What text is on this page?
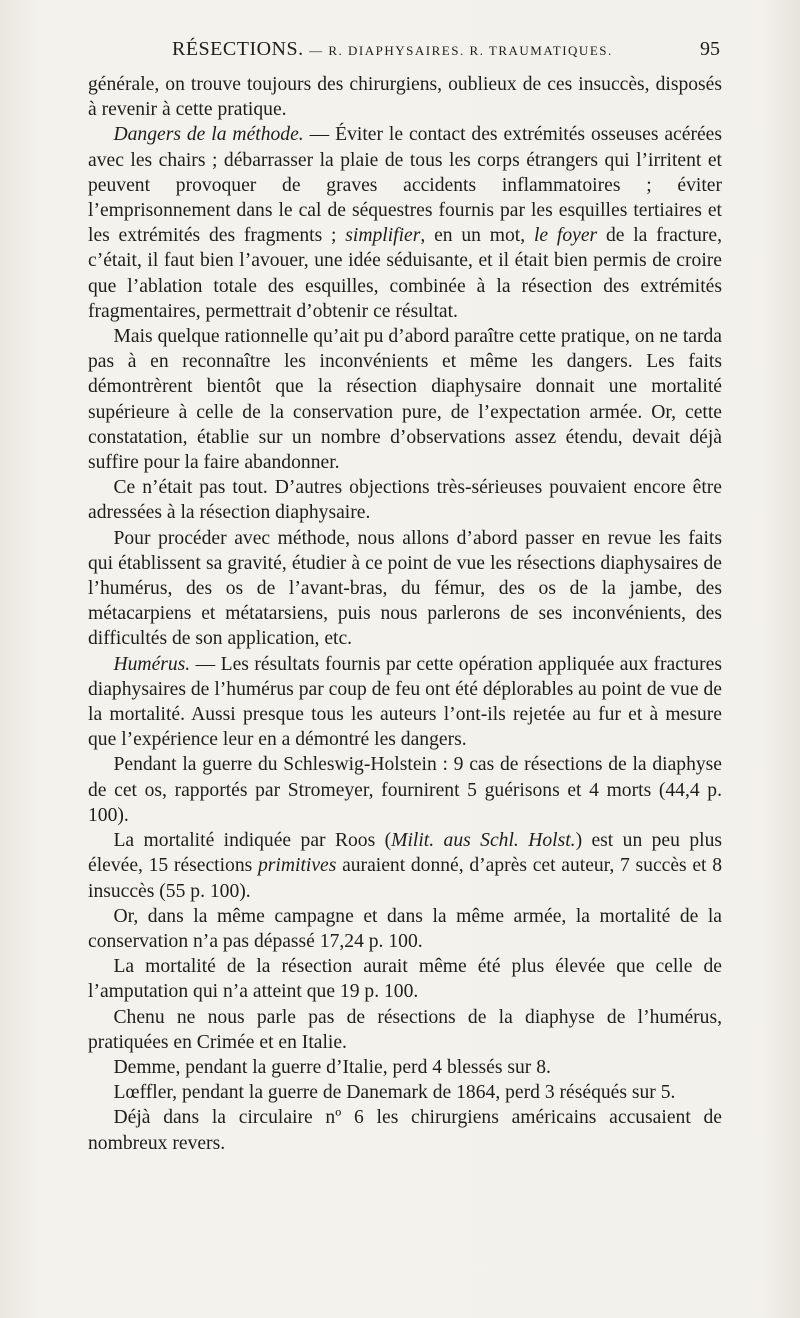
RÉSECTIONS. — R. DIAPHYSAIRES. R. TRAUMATIQUES.	95

générale, on trouve toujours des chirurgiens, oublieux de ces insuccès, disposés à revenir à cette pratique.

Dangers de la méthode. — Éviter le contact des extrémités osseuses acérées avec les chairs ; débarrasser la plaie de tous les corps étrangers qui l’irritent et peuvent provoquer de graves accidents inflammatoires ; éviter l’emprisonnement dans le cal de séquestres fournis par les esquilles tertiaires et les extrémités des fragments ; simplifier, en un mot, le foyer de la fracture, c’était, il faut bien l’avouer, une idée séduisante, et il était bien permis de croire que l’ablation totale des esquilles, combinée à la résection des extrémités fragmentaires, permettrait d’obtenir ce résultat.

Mais quelque rationnelle qu’ait pu d’abord paraître cette pratique, on ne tarda pas à en reconnaître les inconvénients et même les dangers. Les faits démontrèrent bientôt que la résection diaphysaire donnait une mortalité supérieure à celle de la conservation pure, de l’expectation armée. Or, cette constatation, établie sur un nombre d’observations assez étendu, devait déjà suffire pour la faire abandonner.

Ce n’était pas tout. D’autres objections très-sérieuses pouvaient encore être adressées à la résection diaphysaire.

Pour procéder avec méthode, nous allons d’abord passer en revue les faits qui établissent sa gravité, étudier à ce point de vue les résections diaphysaires de l’humérus, des os de l’avant-bras, du fémur, des os de la jambe, des métacarpiens et métatarsiens, puis nous parlerons de ses inconvénients, des difficultés de son application, etc.

Humérus. — Les résultats fournis par cette opération appliquée aux fractures diaphysaires de l’humérus par coup de feu ont été déplorables au point de vue de la mortalité. Aussi presque tous les auteurs l’ont-ils rejetée au fur et à mesure que l’expérience leur en a démontré les dangers.

Pendant la guerre du Schleswig-Holstein : 9 cas de résections de la diaphyse de cet os, rapportés par Stromeyer, fournirent 5 guérisons et 4 morts (44,4 p. 100).

La mortalité indiquée par Roos (Milit. aus Schl. Holst.) est un peu plus élevée, 15 résections primitives auraient donné, d’après cet auteur, 7 succès et 8 insuccès (55 p. 100).

Or, dans la même campagne et dans la même armée, la mortalité de la conservation n’a pas dépassé 17,24 p. 100.

La mortalité de la résection aurait même été plus élevée que celle de l’amputation qui n’a atteint que 19 p. 100.

Chenu ne nous parle pas de résections de la diaphyse de l’humérus, pratiquées en Crimée et en Italie.

Demme, pendant la guerre d’Italie, perd 4 blessés sur 8.

Lœffler, pendant la guerre de Danemark de 1864, perd 3 réséqués sur 5.

Déjà dans la circulaire nº 6 les chirurgiens américains accusaient de nombreux revers.
